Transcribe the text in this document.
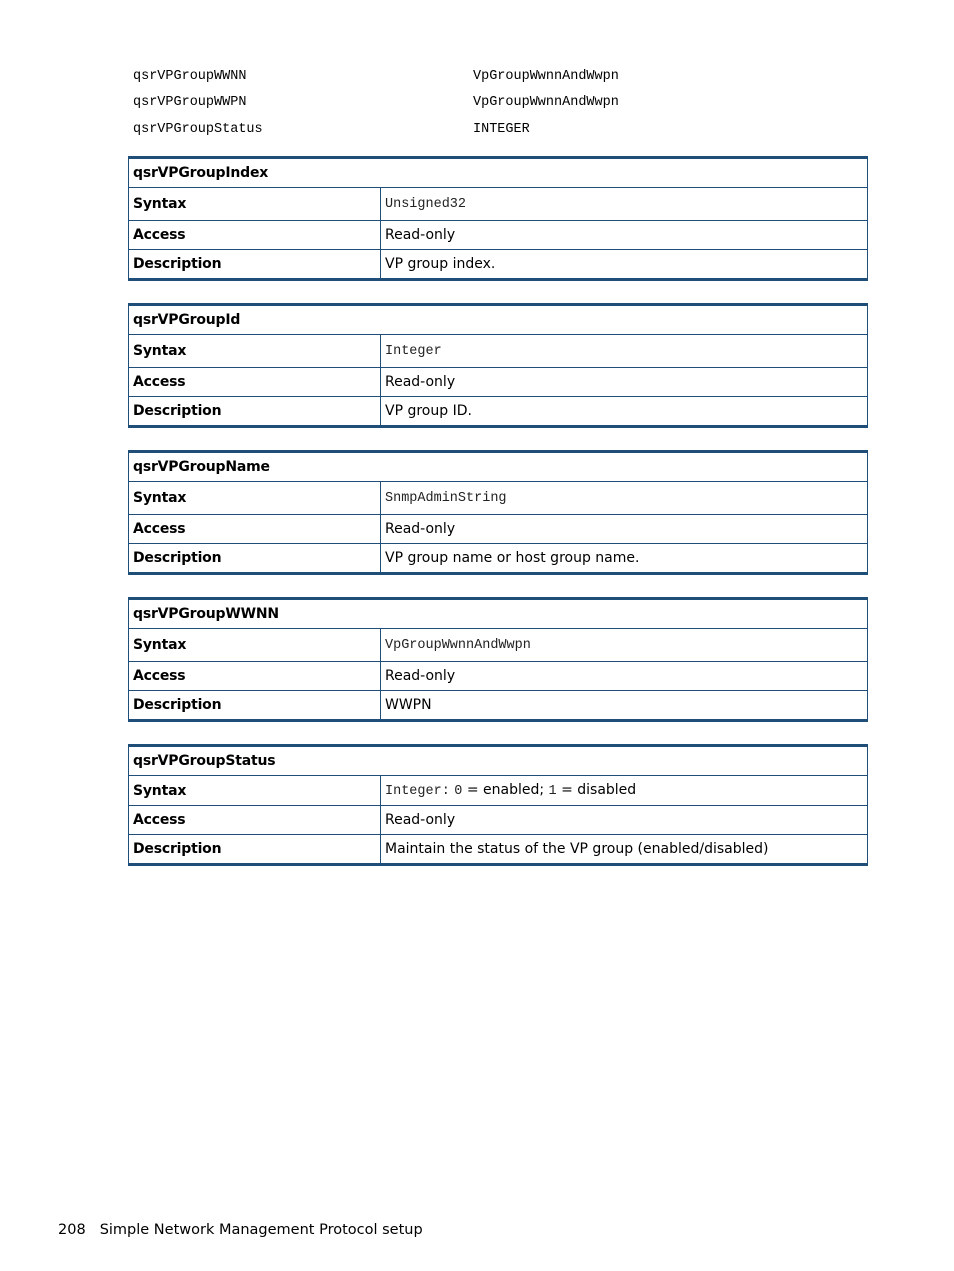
qsrVPGroupWWNN	VpGroupWwnnAndWwpn
qsrVPGroupWWPN	VpGroupWwnnAndWwpn
qsrVPGroupStatus	INTEGER
qsrVPGroupIndex	
Syntax	Unsigned32
Access	Read-only
Description	VP group index.
qsrVPGroupId	
Syntax	Integer
Access	Read-only
Description	VP group ID.
qsrVPGroupName	
Syntax	SnmpAdminString
Access	Read-only
Description	VP group name or host group name.
qsrVPGroupWWNN	
Syntax	VpGroupWwnnAndWwpn
Access	Read-only
Description	WWPN
qsrVPGroupStatus	
Syntax	Integer: 0 = enabled; 1 = disabled
Access	Read-only
Description	Maintain the status of the VP group (enabled/disabled)
208 Simple Network Management Protocol setup
